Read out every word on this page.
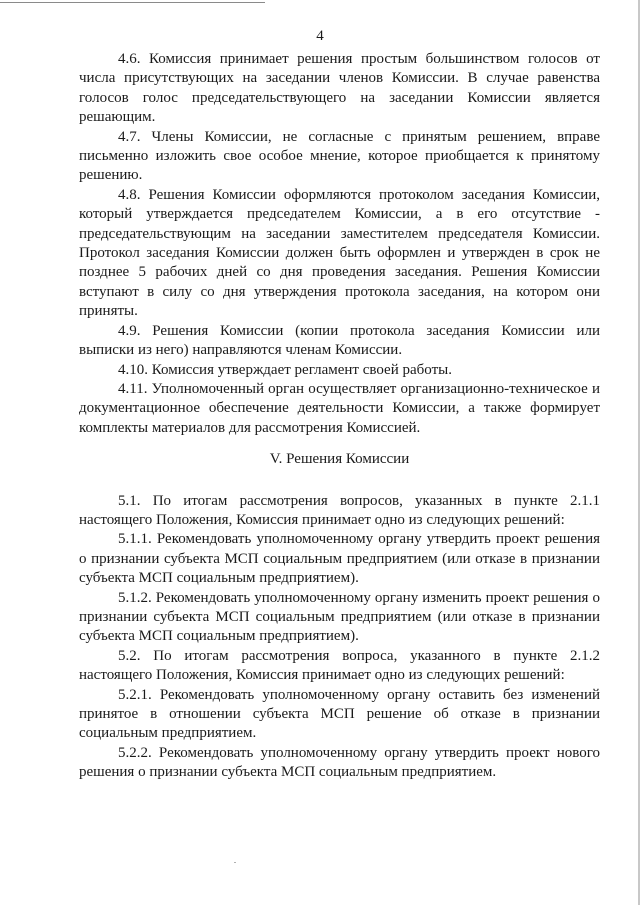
4

4.6. Комиссия принимает решения простым большинством голосов от числа присутствующих на заседании членов Комиссии. В случае равенства голосов голос председательствующего на заседании Комиссии является решающим.

4.7. Члены Комиссии, не согласные с принятым решением, вправе письменно изложить свое особое мнение, которое приобщается к принятому решению.

4.8. Решения Комиссии оформляются протоколом заседания Комиссии, который утверждается председателем Комиссии, а в его отсутствие - председательствующим на заседании заместителем председателя Комиссии. Протокол заседания Комиссии должен быть оформлен и утвержден в срок не позднее 5 рабочих дней со дня проведения заседания. Решения Комиссии вступают в силу со дня утверждения протокола заседания, на котором они приняты.

4.9. Решения Комиссии (копии протокола заседания Комиссии или выписки из него) направляются членам Комиссии.

4.10. Комиссия утверждает регламент своей работы.

4.11. Уполномоченный орган осуществляет организационно-техническое и документационное обеспечение деятельности Комиссии, а также формирует комплекты материалов для рассмотрения Комиссией.

V. Решения Комиссии

5.1. По итогам рассмотрения вопросов, указанных в пункте 2.1.1 настоящего Положения, Комиссия принимает одно из следующих решений:

5.1.1. Рекомендовать уполномоченному органу утвердить проект решения о признании субъекта МСП социальным предприятием (или отказе в признании субъекта МСП социальным предприятием).

5.1.2. Рекомендовать уполномоченному органу изменить проект решения о признании субъекта МСП социальным предприятием (или отказе в признании субъекта МСП социальным предприятием).

5.2. По итогам рассмотрения вопроса, указанного в пункте 2.1.2 настоящего Положения, Комиссия принимает одно из следующих решений:

5.2.1. Рекомендовать уполномоченному органу оставить без изменений принятое в отношении субъекта МСП решение об отказе в признании социальным предприятием.

5.2.2. Рекомендовать уполномоченному органу утвердить проект нового решения о признании субъекта МСП социальным предприятием.
